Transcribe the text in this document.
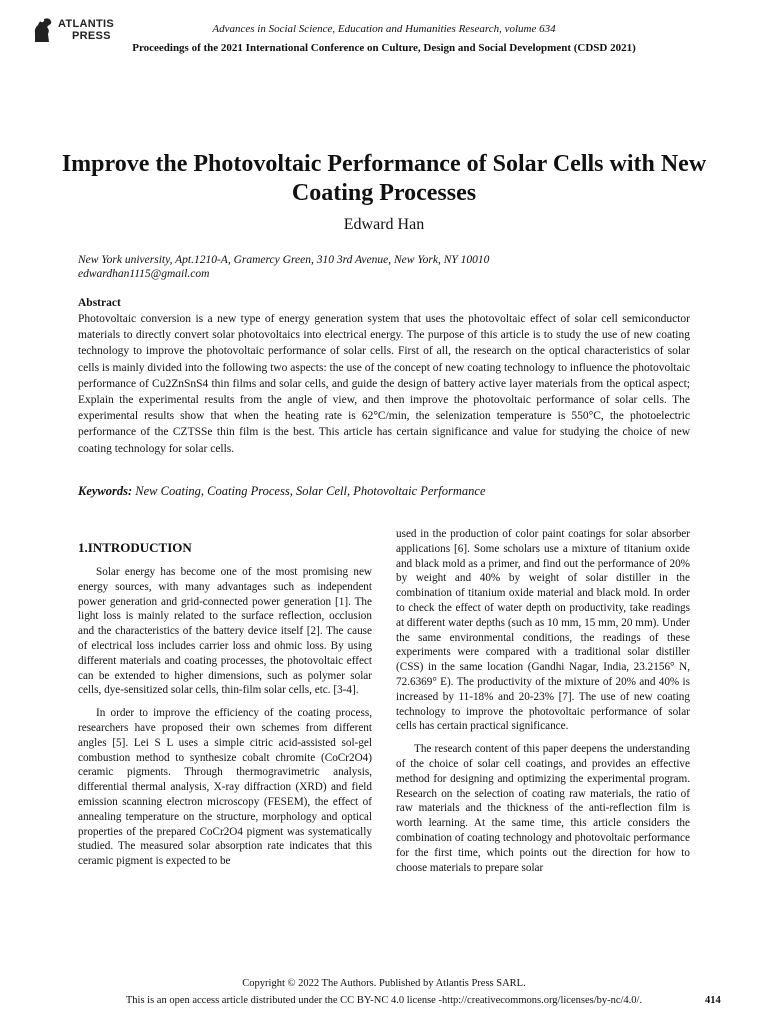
ATLANTIS
PRESS
Advances in Social Science, Education and Humanities Research, volume 634
Proceedings of the 2021 International Conference on Culture, Design and Social Development (CDSD 2021)
Improve the Photovoltaic Performance of Solar Cells with New Coating Processes
Edward Han
New York university, Apt.1210-A, Gramercy Green, 310 3rd Avenue, New York, NY 10010
edwardhan1115@gmail.com
Abstract
Photovoltaic conversion is a new type of energy generation system that uses the photovoltaic effect of solar cell semiconductor materials to directly convert solar photovoltaics into electrical energy. The purpose of this article is to study the use of new coating technology to improve the photovoltaic performance of solar cells. First of all, the research on the optical characteristics of solar cells is mainly divided into the following two aspects: the use of the concept of new coating technology to influence the photovoltaic performance of Cu2ZnSnS4 thin films and solar cells, and guide the design of battery active layer materials from the optical aspect; Explain the experimental results from the angle of view, and then improve the photovoltaic performance of solar cells. The experimental results show that when the heating rate is 62°C/min, the selenization temperature is 550°C, the photoelectric performance of the CZTSSe thin film is the best. This article has certain significance and value for studying the choice of new coating technology for solar cells.
Keywords: New Coating, Coating Process, Solar Cell, Photovoltaic Performance
1.INTRODUCTION

Solar energy has become one of the most promising new energy sources, with many advantages such as independent power generation and grid-connected power generation [1]. The light loss is mainly related to the surface reflection, occlusion and the characteristics of the battery device itself [2]. The cause of electrical loss includes carrier loss and ohmic loss. By using different materials and coating processes, the photovoltaic effect can be extended to higher dimensions, such as polymer solar cells, dye-sensitized solar cells, thin-film solar cells, etc. [3-4].

In order to improve the efficiency of the coating process, researchers have proposed their own schemes from different angles [5]. Lei S L uses a simple citric acid-assisted sol-gel combustion method to synthesize cobalt chromite (CoCr2O4) ceramic pigments. Through thermogravimetric analysis, differential thermal analysis, X-ray diffraction (XRD) and field emission scanning electron microscopy (FESEM), the effect of annealing temperature on the structure, morphology and optical properties of the prepared CoCr2O4 pigment was systematically studied. The measured solar absorption rate indicates that this ceramic pigment is expected to be

used in the production of color paint coatings for solar absorber applications [6]. Some scholars use a mixture of titanium oxide and black mold as a primer, and find out the performance of 20% by weight and 40% by weight of solar distiller in the combination of titanium oxide material and black mold. In order to check the effect of water depth on productivity, take readings at different water depths (such as 10 mm, 15 mm, 20 mm). Under the same environmental conditions, the readings of these experiments were compared with a traditional solar distiller (CSS) in the same location (Gandhi Nagar, India, 23.2156° N, 72.6369° E). The productivity of the mixture of 20% and 40% is increased by 11-18% and 20-23% [7]. The use of new coating technology to improve the photovoltaic performance of solar cells has certain practical significance.

The research content of this paper deepens the understanding of the choice of solar cell coatings, and provides an effective method for designing and optimizing the experimental program. Research on the selection of coating raw materials, the ratio of raw materials and the thickness of the anti-reflection film is worth learning. At the same time, this article considers the combination of coating technology and photovoltaic performance for the first time, which points out the direction for how to choose materials to prepare solar

Copyright © 2022 The Authors. Published by Atlantis Press SARL.
This is an open access article distributed under the CC BY-NC 4.0 license -http://creativecommons.org/licenses/by-nc/4.0/.	414
